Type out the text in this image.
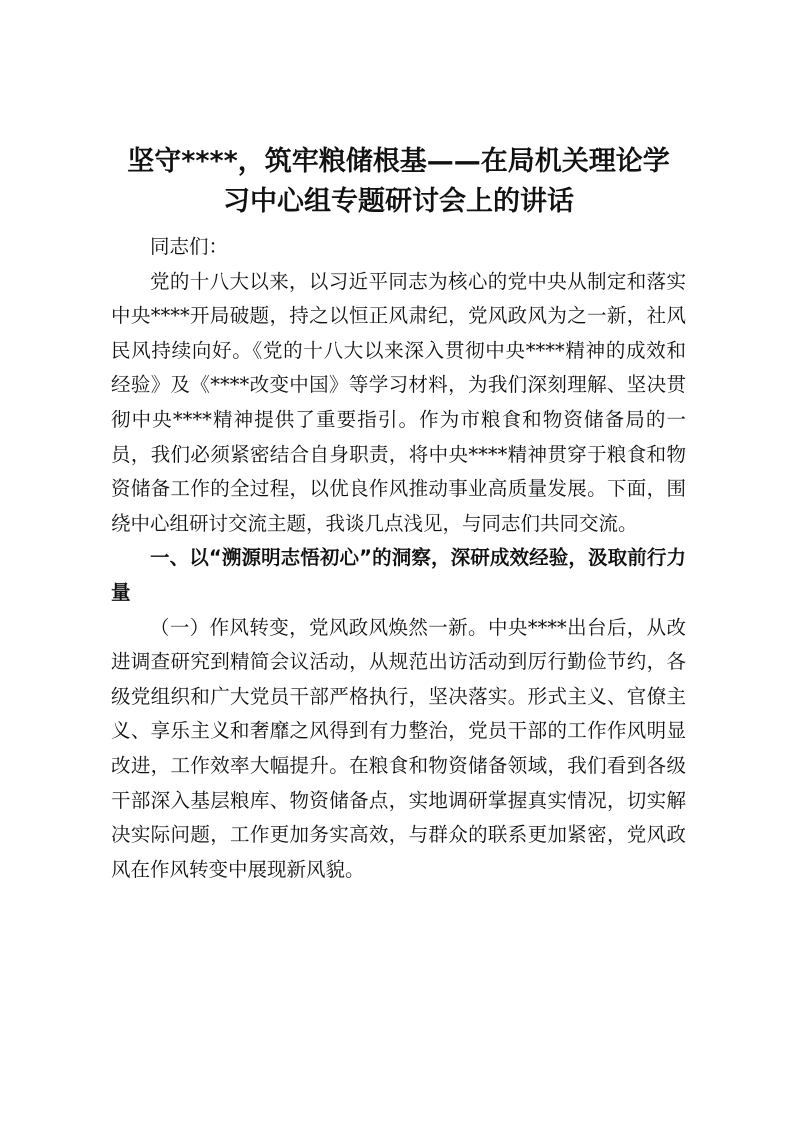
坚守****，筑牢粮储根基——在局机关理论学
习中心组专题研讨会上的讲话

同志们：

党的十八大以来，以习近平同志为核心的党中央从制定和落实中央****开局破题，持之以恒正风肃纪，党风政风为之一新，社风民风持续向好。《党的十八大以来深入贯彻中央****精神的成效和经验》及《****改变中国》等学习材料，为我们深刻理解、坚决贯彻中央****精神提供了重要指引。作为市粮食和物资储备局的一员，我们必须紧密结合自身职责，将中央****精神贯穿于粮食和物资储备工作的全过程，以优良作风推动事业高质量发展。下面，围绕中心组研讨交流主题，我谈几点浅见，与同志们共同交流。

一、以“溯源明志悟初心”的洞察，深研成效经验，汲取前行力量

（一）作风转变，党风政风焕然一新。中央****出台后，从改进调查研究到精简会议活动，从规范出访活动到厉行勤俭节约，各级党组织和广大党员干部严格执行，坚决落实。形式主义、官僚主义、享乐主义和奢靡之风得到有力整治，党员干部的工作作风明显改进，工作效率大幅提升。在粮食和物资储备领域，我们看到各级干部深入基层粮库、物资储备点，实地调研掌握真实情况，切实解决实际问题，工作更加务实高效，与群众的联系更加紧密，党风政风在作风转变中展现新风貌。
